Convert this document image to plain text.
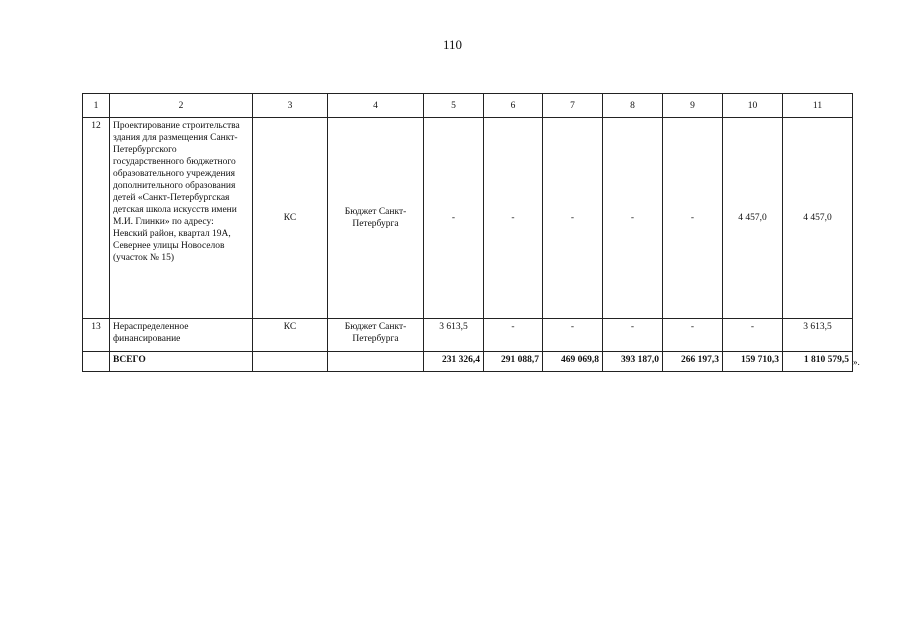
110
1	2	3	4	5	6	7	8	9	10	11
12	Проектирование строительства здания для размещения Санкт-Петербургского государственного бюджетного образовательного учреждения дополнительного образования детей «Санкт-Петербургская детская школа искусств имени М.И. Глинки» по адресу: Невский район, квартал 19А, Севернее улицы Новоселов (участок № 15)	КС	Бюджет Санкт-Петербурга	-	-	-	-	-	4 457,0	4 457,0
13	Нераспределенное финансирование	КС	Бюджет Санкт-Петербурга	3 613,5	-	-	-	-	-	3 613,5
	ВСЕГО			231 326,4	291 088,7	469 069,8	393 187,0	266 197,3	159 710,3	1 810 579,5 ».
